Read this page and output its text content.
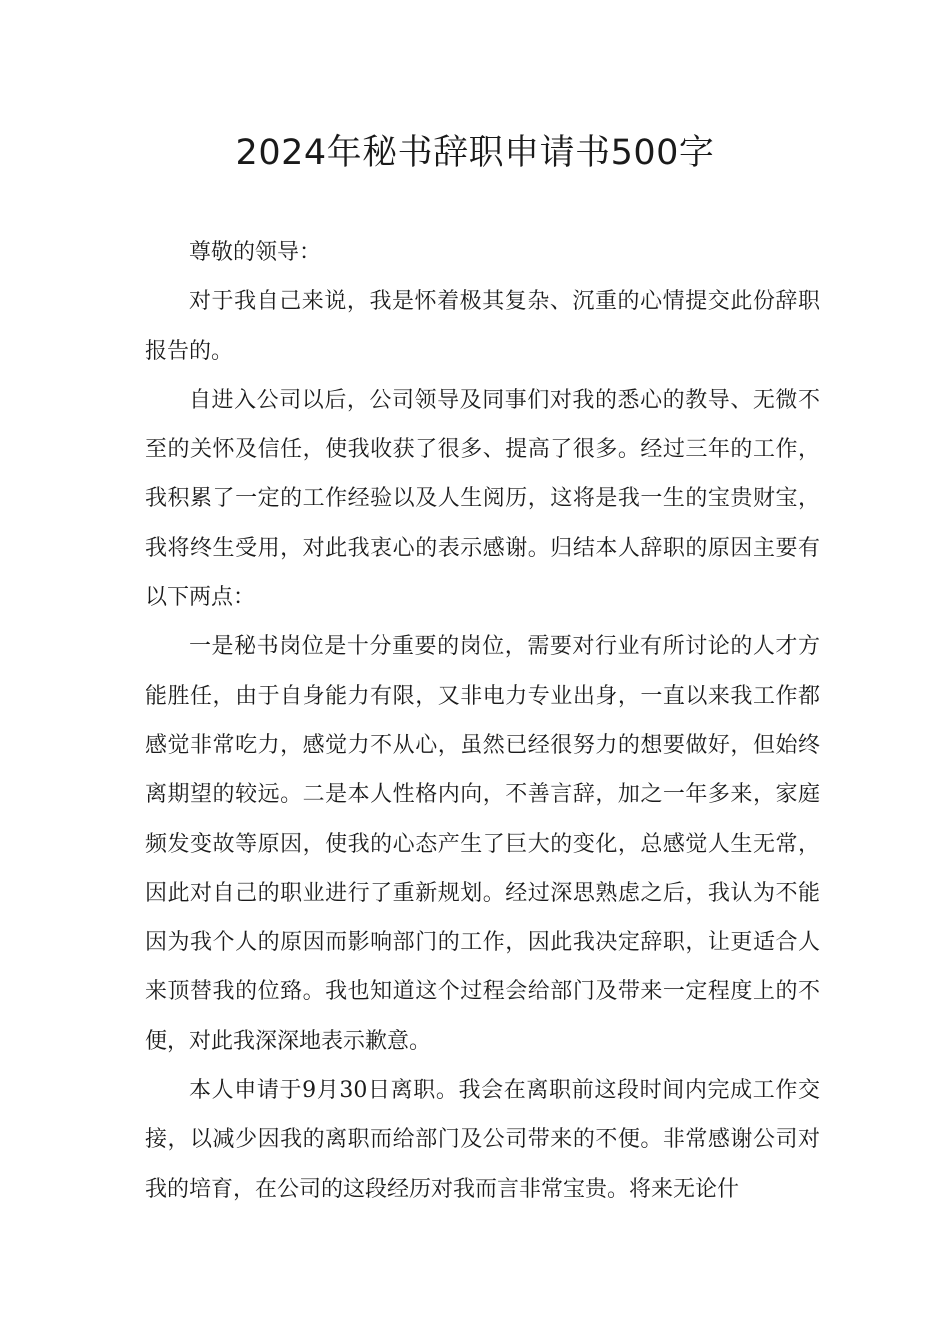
2024年秘书辞职申请书500字

尊敬的领导：

对于我自己来说，我是怀着极其复杂、沉重的心情提交此份辞职报告的。

自进入公司以后，公司领导及同事们对我的悉心的教导、无微不至的关怀及信任，使我收获了很多、提高了很多。经过三年的工作，我积累了一定的工作经验以及人生阅历，这将是我一生的宝贵财宝，我将终生受用，对此我衷心的表示感谢。归结本人辞职的原因主要有以下两点：

一是秘书岗位是十分重要的岗位，需要对行业有所讨论的人才方能胜任，由于自身能力有限，又非电力专业出身，一直以来我工作都感觉非常吃力，感觉力不从心，虽然已经很努力的想要做好，但始终离期望的较远。二是本人性格内向，不善言辞，加之一年多来，家庭频发变故等原因，使我的心态产生了巨大的变化，总感觉人生无常，因此对自己的职业进行了重新规划。经过深思熟虑之后，我认为不能因为我个人的原因而影响部门的工作，因此我决定辞职，让更适合人来顶替我的位臵。我也知道这个过程会给部门及带来一定程度上的不便，对此我深深地表示歉意。

本人申请于9月30日离职。我会在离职前这段时间内完成工作交接，以减少因我的离职而给部门及公司带来的不便。非常感谢公司对我的培育，在公司的这段经历对我而言非常宝贵。将来无论什
